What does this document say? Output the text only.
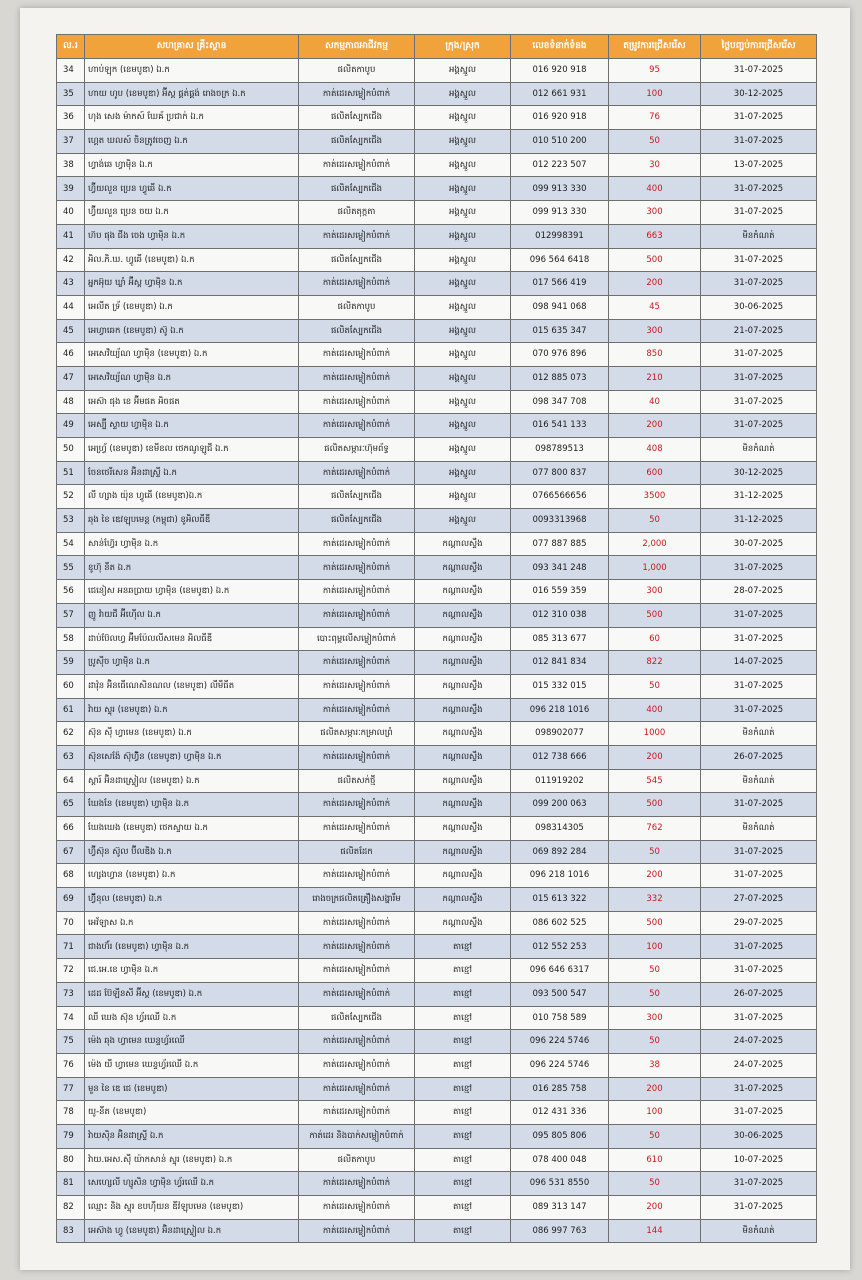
ល.រ	សហគ្រាស គ្រឹះស្ថាន	សកម្មភាពអាជីវកម្ម	ក្រុង/ស្រុក	លេខទំនាក់ទំនង	តម្រូវការជ្រើសរើស	ថ្ងៃបញ្ចប់ការជ្រើសរើស
34	ហាប់ឡុក (ខេមបូឌា) ឯ.ក	ផលិតកាបូប	អង្គស្នួល	016 920 918	95	31-07-2025
35	ហាយ ហូប (ខេមបូឌា) អ៊ីស្ដ ផ្គត់ផ្គង់ រោងចក្រ ឯ.ក	កាត់ដេរសម្លៀកបំពាក់	អង្គស្នួល	012 661 931	100	30-12-2025
36	ហុង សេង ម៉ាកស៍ ឃែឝ័ ប្រជាក់ ឯ.ក	ផលិតស្បែកជើង	អង្គស្នួល	016 920 918	76	31-07-2025
37	ហ្គេត ឃលស៍ ចិនត្រូវចេញ ឯ.ក	ផលិតស្បែកជើង	អង្គស្នួល	010 510 200	50	31-07-2025
38	ហ្វាង់ឆេ ហ្វាម៉ិន ឯ.ក	កាត់ដេរសម្លៀកបំពាក់	អង្គស្នួល	012 223 507	30	13-07-2025
39	ហ្វ៊ីយលួន ប្រេន ហ្វូឆើ ឯ.ក	ផលិតស្បែកជើង	អង្គស្នួល	099 913 330	400	31-07-2025
40	ហ្វ៊ីយលួន ប្រេន ចយ ឯ.ក	ផលិតតុក្កតា	អង្គស្នួល	099 913 330	300	31-07-2025
41	ហ៊ប ផុង ជីង ចេង ហ្វាម៉ិន ឯ.ក	កាត់ដេរសម្លៀកបំពាក់	អង្គស្នួល	012998391	663	មិនកំណត់
42	អិល.ភិ.ឃ. ហ្វូឆើ (ខេមបូឌា) ឯ.ក	ផលិតស្បែកជើង	អង្គស្នួល	096 564 6418	500	31-07-2025
43	អ្នកអ៊ុយ ឃ្លាំ អ៊ីស្ដ ហ្វាម៉ិន ឯ.ក	កាត់ដេរសម្លៀកបំពាក់	អង្គស្នួល	017 566 419	200	31-07-2025
44	អេលីត ទ្រ័ (ខេមបូឌា) ឯ.ក	ផលិតកាបូប	អង្គស្នួល	098 941 068	45	30-06-2025
45	អេហ្វាឆេក (ខេមបូឌា) ស៊ូ ឯ.ក	ផលិតស្បែកជើង	អង្គស្នួល	015 635 347	300	21-07-2025
46	អេសេវិយ្យ័ណ ហ្វាម៉ិន (ខេមបូឌា) ឯ.ក	កាត់ដេរសម្លៀកបំពាក់	អង្គស្នួល	070 976 896	850	31-07-2025
47	អេសេវិយ្យ័ណ ហ្វាម៉ិន ឯ.ក	កាត់ដេរសម្លៀកបំពាក់	អង្គស្នួល	012 885 073	210	31-07-2025
48	អេស៊ា ផុង ខេ អ៊ីមផត អិចផត	កាត់ដេរសម្លៀកបំពាក់	អង្គស្នួល	098 347 708	40	31-07-2025
49	អេស្ប៊ី ស្ទាយ ហ្វាម៉ិន ឯ.ក	កាត់ដេរសម្លៀកបំពាក់	អង្គស្នួល	016 541 133	200	31-07-2025
50	អេហ្វ្រ័ (ខេមបូឌា) ខេមីខល ថេកណូឡូជី ឯ.ក	ផលិតសម្ភារៈហ៊ុមព័ទ្ធ	អង្គស្នួល	098789513	408	មិនកំណត់
51	ចែនថេរីសេន អ៊ិនដាស្ទ្រី ឯ.ក	កាត់ដេរសម្លៀកបំពាក់	អង្គស្នួល	077 800 837	600	30-12-2025
52	លី ហ្សាង យ៉ុន ហ្វូឆើ (ខេមបូឌា)ឯ.ក	ផលិតស្បែកជើង	អង្គស្នួល	0766566656	3500	31-12-2025
53	ឆុង ខៃ ឌេវឡុបមេន្ត (កម្ពុជា) ខូអិលធីឌី	ផលិតស្បែកជើង	អង្គស្នួល	0093313968	50	31-12-2025
54	សាន់ហ្វ៊ែរ ហ្វាម៉ិន ឯ.ក	កាត់ដេរសម្លៀកបំពាក់	កណ្ដាលស្ទឹង	077 887 885	2,000	30-07-2025
55	ខូហ៊ុ នីត ឯ.ក	កាត់ដេរសម្លៀកបំពាក់	កណ្ដាលស្ទឹង	093 341 248	1,000	31-07-2025
56	ជេនៀស អនឆប្រាយ ហ្វាម៉ិន (ខេមបូឌា) ឯ.ក	កាត់ដេរសម្លៀកបំពាក់	កណ្ដាលស្ទឹង	016 559 359	300	28-07-2025
57	ញូ វ៉ាយជី អ៊ីហ៊ើល ឯ.ក	កាត់ដេរសម្លៀកបំពាក់	កណ្ដាលស្ទឹង	012 310 038	500	31-07-2025
58	ដាប់ប៊ែលហ្វ អ៊ីមប៉ែលលីសមេន អិលធីឌី	បោះពុម្ពលើសម្លៀកបំពាក់	កណ្ដាលស្ទឹង	085 313 677	60	31-07-2025
59	ប្រូស៊ីច ហ្វាម៉ិន ឯ.ក	កាត់ដេរសម្លៀកបំពាក់	កណ្ដាលស្ទឹង	012 841 834	822	14-07-2025
60	ដាវ៉ុន អ៊ិនធើណេសិនណល (ខេមបូឌា) លីមីធីត	កាត់ដេរសម្លៀកបំពាក់	កណ្ដាលស្ទឹង	015 332 015	50	31-07-2025
61	វ៉ាយ ស្ទុរ (ខេមបូឌា) ឯ.ក	កាត់ដេរសម្លៀកបំពាក់	កណ្ដាលស្ទឹង	096 218 1016	400	31-07-2025
62	ស៊ុន ស៊ី ហ្វាមេន (ខេមបូឌា) ឯ.ក	ផលិតសម្ភារៈកម្រាលព្រំ	កណ្ដាលស្ទឹង	098902077	1000	មិនកំណត់
63	ស៊ុនសេង៉ែ ស៊ុហ៊្វិន (ខេមបូឌា) ហ្វាម៉ិន ឯ.ក	កាត់ដេរសម្លៀកបំពាក់	កណ្ដាលស្ទឹង	012 738 666	200	26-07-2025
64	ស្ដារ៍ អ៊ិនដាស្ទ្រៀល (ខេមបូឌា) ឯ.ក	ផលិតសក់ថ្មី	កណ្ដាលស្ទឹង	011919202	545	មិនកំណត់
65	ឃែងនែ (ខេមបូឌា) ហ្វាម៉ិន ឯ.ក	កាត់ដេរសម្លៀកបំពាក់	កណ្ដាលស្ទឹង	099 200 063	500	31-07-2025
66	ឃែងឃេង (ខេមបូឌា) ថេកស្ទាយ ឯ.ក	កាត់ដេរសម្លៀកបំពាក់	កណ្ដាលស្ទឹង	098314305	762	មិនកំណត់
67	ហ្វ៊ីស៊ុន ស៊ូល ប៊ីលឌិង ឯ.ក	ផលិតដែក	កណ្ដាលស្ទឹង	069 892 284	50	31-07-2025
68	ហ្សេងហ្វាន (ខេមបូឌា) ឯ.ក	កាត់ដេរសម្លៀកបំពាក់	កណ្ដាលស្ទឹង	096 218 1016	200	31-07-2025
69	ហ៊្វីនុល (ខេមបូឌា) ឯ.ក	រោងចក្រផលិតគ្រឿងសង្ហារឹម	កណ្ដាលស្ទឹង	015 613 322	332	27-07-2025
70	អេវ័ឡាស ឯ.ក	កាត់ដេរសម្លៀកបំពាក់	កណ្ដាលស្ទឹង	086 602 525	500	29-07-2025
71	ជាងហ៊័រ (ខេមបូឌា) ហ្វាម៉ិន ឯ.ក	កាត់ដេរសម្លៀកបំពាក់	តាខ្មៅ	012 552 253	100	31-07-2025
72	ជេ.អេ.ខេ ហ្វាម៉ិន ឯ.ក	កាត់ដេរសម្លៀកបំពាក់	តាខ្មៅ	096 646 6317	50	31-07-2025
73	ដេដ ប៊ែឡីនសី អ៊ីស្ដ (ខេមបូឌា) ឯ.ក	កាត់ដេរសម្លៀកបំពាក់	តាខ្មៅ	093 500 547	50	26-07-2025
74	ឈី ឃេង ស៊ុន ហ្វ័រឈើ ឯ.ក	ផលិតស្បែកជើង	តាខ្មៅ	010 758 589	300	31-07-2025
75	ម៉េង ឆុង ហ្វាមេន ឃេន្ទហ្វ័រឈើ	កាត់ដេរសម្លៀកបំពាក់	តាខ្មៅ	096 224 5746	50	24-07-2025
76	ម៉េង យី ហ្វាមេន ឃេន្ទហ្វ័រឈើ ឯ.ក	កាត់ដេរសម្លៀកបំពាក់	តាខ្មៅ	096 224 5746	38	24-07-2025
77	មួន ខៃ ឌេ ជេ (ខេមបូឌា)	កាត់ដេរសម្លៀកបំពាក់	តាខ្មៅ	016 285 758	200	31-07-2025
78	យូ-នីត (ខេមបូឌា)	កាត់ដេរសម្លៀកបំពាក់	តាខ្មៅ	012 431 336	100	31-07-2025
79	វ៉ាយស៊ិន អ៊ិនដាស្ទ្រី ឯ.ក	កាត់ដេរ និងបាក់សម្លៀកបំពាក់	តាខ្មៅ	095 805 806	50	30-06-2025
80	វ៉ាយ.អេស.ស៊ី យ៉ាកសាន់ ស្ទុរ (ខេមបូឌា) ឯ.ក	ផលិតកាបូប	តាខ្មៅ	078 400 048	610	10-07-2025
81	សេហ្សេលី ហ្សូសិន ហ្វាម៉ិន ហ្វ័រឈើ ឯ.ក	កាត់ដេរសម្លៀកបំពាក់	តាខ្មៅ	096 531 8550	50	31-07-2025
82	ឈ្មោះ និង ស្ទុរ ខបហ៊ីយន ឌីវ៉ឡុបមេន (ខេមបូឌា)	កាត់ដេរសម្លៀកបំពាក់	តាខ្មៅ	089 313 147	200	31-07-2025
83	អេស៊ាង ហ្វូ (ខេមបូឌា) អ៊ិនដាស្ទ្រៀល ឯ.ក	កាត់ដេរសម្លៀកបំពាក់	តាខ្មៅ	086 997 763	144	មិនកំណត់
